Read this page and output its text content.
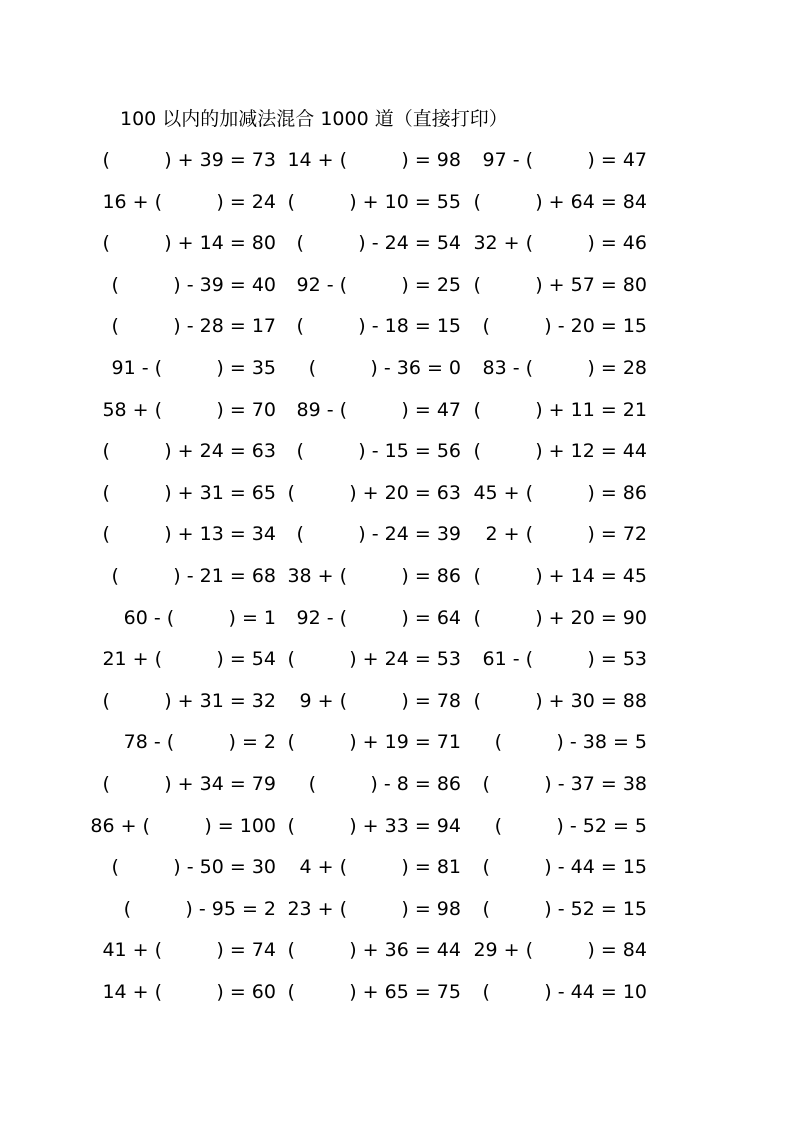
100 以内的加减法混合 1000 道（直接打印）
(         ) + 39 = 73 14 + (         ) = 98 97 - (         ) = 47
16 + (         ) = 24 (         ) + 10 = 55 (         ) + 64 = 84
(         ) + 14 = 80 (         ) - 24 = 54 32 + (         ) = 46
(         ) - 39 = 40 92 - (         ) = 25 (         ) + 57 = 80
(         ) - 28 = 17 (         ) - 18 = 15 (         ) - 20 = 15
91 - (         ) = 35 (         ) - 36 = 0 83 - (         ) = 28
58 + (         ) = 70 89 - (         ) = 47 (         ) + 11 = 21
(         ) + 24 = 63 (         ) - 15 = 56 (         ) + 12 = 44
(         ) + 31 = 65 (         ) + 20 = 63 45 + (         ) = 86
(         ) + 13 = 34 (         ) - 24 = 39 2 + (         ) = 72
(         ) - 21 = 68 38 + (         ) = 86 (         ) + 14 = 45
60 - (         ) = 1 92 - (         ) = 64 (         ) + 20 = 90
21 + (         ) = 54 (         ) + 24 = 53 61 - (         ) = 53
(         ) + 31 = 32 9 + (         ) = 78 (         ) + 30 = 88
78 - (         ) = 2 (         ) + 19 = 71 (         ) - 38 = 5
(         ) + 34 = 79 (         ) - 8 = 86 (         ) - 37 = 38
86 + (         ) = 100 (         ) + 33 = 94 (         ) - 52 = 5
(         ) - 50 = 30 4 + (         ) = 81 (         ) - 44 = 15
(         ) - 95 = 2 23 + (         ) = 98 (         ) - 52 = 15
41 + (         ) = 74 (         ) + 36 = 44 29 + (         ) = 84
14 + (         ) = 60 (         ) + 65 = 75 (         ) - 44 = 10
